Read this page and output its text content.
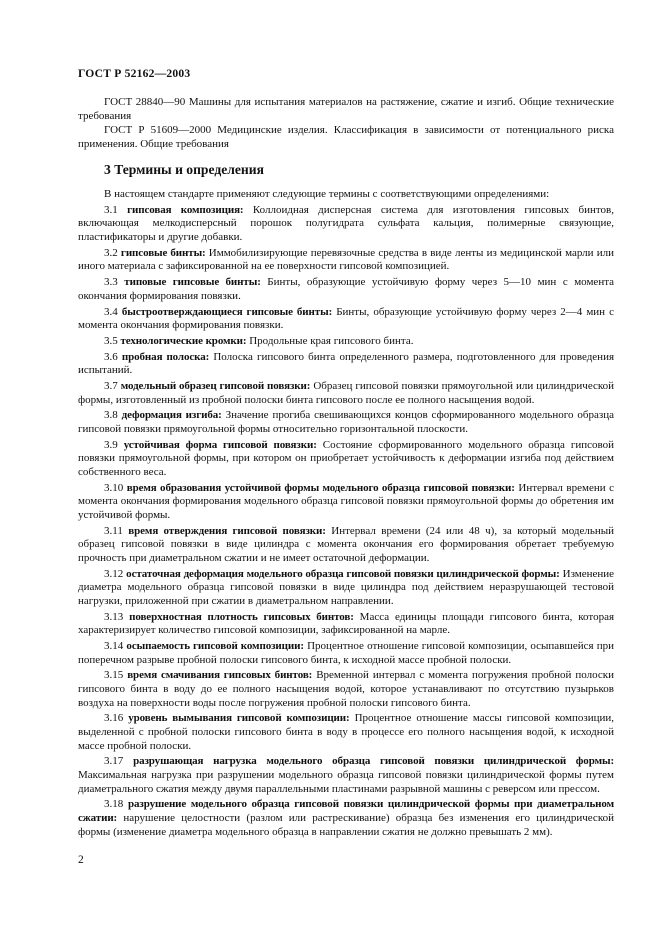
ГОСТ Р 52162—2003

ГОСТ 28840—90 Машины для испытания материалов на растяжение, сжатие и изгиб. Общие технические требования

ГОСТ Р 51609—2000 Медицинские изделия. Классификация в зависимости от потенциального риска применения. Общие требования

3 Термины и определения

В настоящем стандарте применяют следующие термины с соответствующими определениями:

3.1 гипсовая композиция: Коллоидная дисперсная система для изготовления гипсовых бинтов, включающая мелкодисперсный порошок полугидрата сульфата кальция, полимерные связующие, пластификаторы и другие добавки.

3.2 гипсовые бинты: Иммобилизирующие перевязочные средства в виде ленты из медицинской марли или иного материала с зафиксированной на ее поверхности гипсовой композицией.

3.3 типовые гипсовые бинты: Бинты, образующие устойчивую форму через 5—10 мин с момента окончания формирования повязки.

3.4 быстроотверждающиеся гипсовые бинты: Бинты, образующие устойчивую форму через 2—4 мин с момента окончания формирования повязки.

3.5 технологические кромки: Продольные края гипсового бинта.

3.6 пробная полоска: Полоска гипсового бинта определенного размера, подготовленного для проведения испытаний.

3.7 модельный образец гипсовой повязки: Образец гипсовой повязки прямоугольной или цилиндрической формы, изготовленный из пробной полоски бинта гипсового после ее полного насыщения водой.

3.8 деформация изгиба: Значение прогиба свешивающихся концов сформированного модельного образца гипсовой повязки прямоугольной формы относительно горизонтальной плоскости.

3.9 устойчивая форма гипсовой повязки: Состояние сформированного модельного образца гипсовой повязки прямоугольной формы, при котором он приобретает устойчивость к деформации изгиба под действием собственного веса.

3.10 время образования устойчивой формы модельного образца гипсовой повязки: Интервал времени с момента окончания формирования модельного образца гипсовой повязки прямоугольной формы до обретения им устойчивой формы.

3.11 время отверждения гипсовой повязки: Интервал времени (24 или 48 ч), за который модельный образец гипсовой повязки в виде цилиндра с момента окончания его формирования обретает требуемую прочность при диаметральном сжатии и не имеет остаточной деформации.

3.12 остаточная деформация модельного образца гипсовой повязки цилиндрической формы: Изменение диаметра модельного образца гипсовой повязки в виде цилиндра под действием неразрушающей тестовой нагрузки, приложенной при сжатии в диаметральном направлении.

3.13 поверхностная плотность гипсовых бинтов: Масса единицы площади гипсового бинта, которая характеризирует количество гипсовой композиции, зафиксированной на марле.

3.14 осыпаемость гипсовой композиции: Процентное отношение гипсовой композиции, осыпавшейся при поперечном разрыве пробной полоски гипсового бинта, к исходной массе пробной полоски.

3.15 время смачивания гипсовых бинтов: Временной интервал с момента погружения пробной полоски гипсового бинта в воду до ее полного насыщения водой, которое устанавливают по отсутствию пузырьков воздуха на поверхности воды после погружения пробной полоски гипсового бинта.

3.16 уровень вымывания гипсовой композиции: Процентное отношение массы гипсовой композиции, выделенной с пробной полоски гипсового бинта в воду в процессе его полного насыщения водой, к исходной массе пробной полоски.

3.17 разрушающая нагрузка модельного образца гипсовой повязки цилиндрической формы: Максимальная нагрузка при разрушении модельного образца гипсовой повязки цилиндрической формы путем диаметрального сжатия между двумя параллельными пластинами разрывной машины с реверсом или прессом.

3.18 разрушение модельного образца гипсовой повязки цилиндрической формы при диаметральном сжатии: нарушение целостности (разлом или растрескивание) образца без изменения его цилиндрической формы (изменение диаметра модельного образца в направлении сжатия не должно превышать 2 мм).

2
